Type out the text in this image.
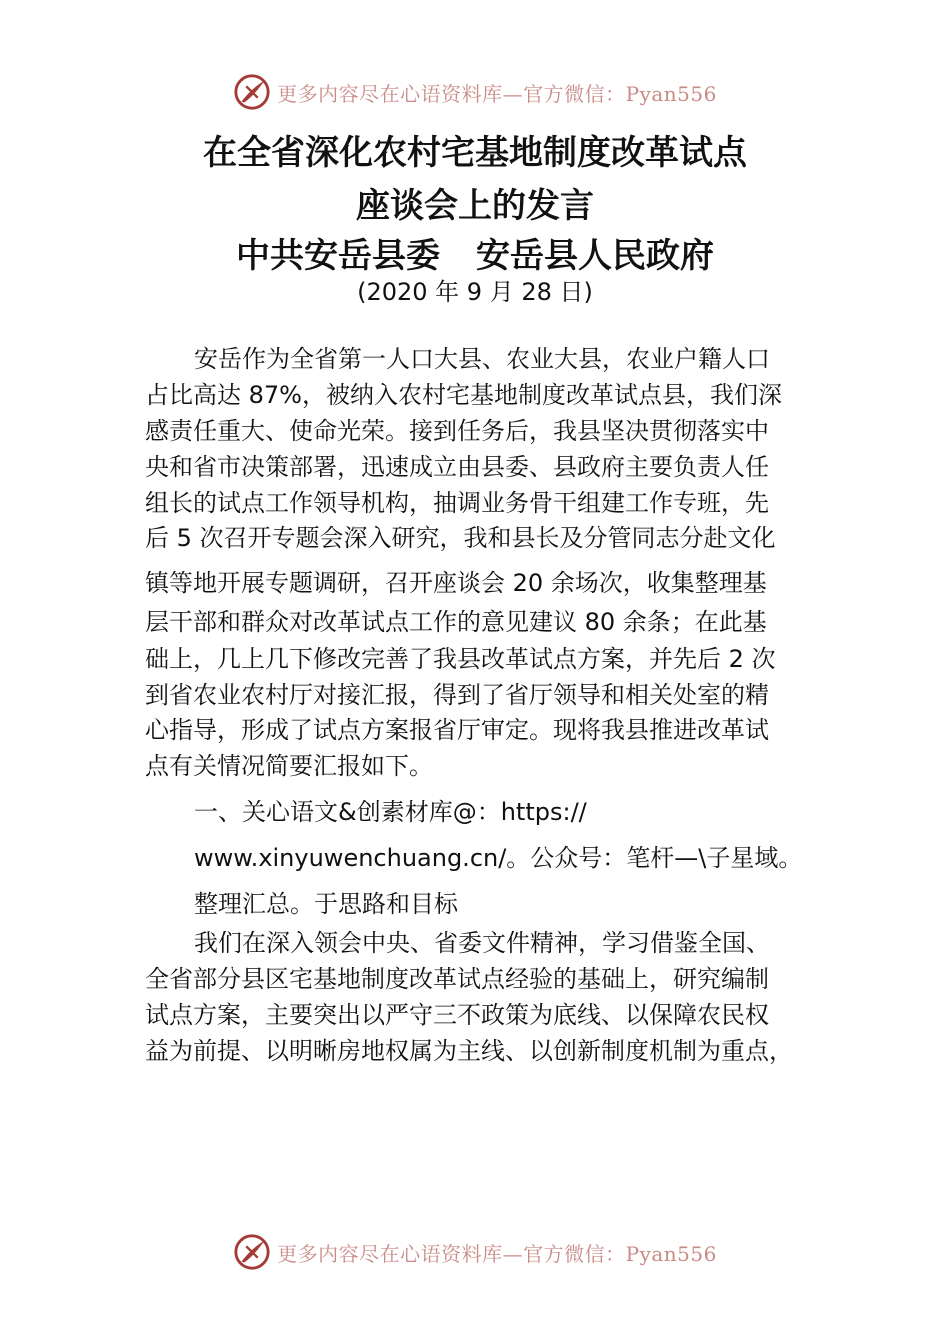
更多内容尽在心语资料库—官方微信：Pyan556
在全省深化农村宅基地制度改革试点
座谈会上的发言
中共安岳县委 安岳县人民政府
(2020 年 9 月 28 日)
安岳作为全省第一人口大县、农业大县，农业户籍人口
占比高达 87%，被纳入农村宅基地制度改革试点县，我们深
感责任重大、使命光荣。接到任务后，我县坚决贯彻落实中
央和省市决策部署，迅速成立由县委、县政府主要负责人任
组长的试点工作领导机构，抽调业务骨干组建工作专班，先
后 5 次召开专题会深入研究，我和县长及分管同志分赴文化
镇等地开展专题调研，召开座谈会 20 余场次，收集整理基
层干部和群众对改革试点工作的意见建议 80 余条；在此基
础上，几上几下修改完善了我县改革试点方案，并先后 2 次
到省农业农村厅对接汇报，得到了省厅领导和相关处室的精
心指导，形成了试点方案报省厅审定。现将我县推进改革试
点有关情况简要汇报如下。
一、关心语文&创素材库@：https://
www.xinyuwenchuang.cn/。公众号：笔杆—\子星域。
整理汇总。于思路和目标
我们在深入领会中央、省委文件精神，学习借鉴全国、
全省部分县区宅基地制度改革试点经验的基础上，研究编制
试点方案，主要突出以严守三不政策为底线、以保障农民权
益为前提、以明晰房地权属为主线、以创新制度机制为重点，
更多内容尽在心语资料库—官方微信：Pyan556
